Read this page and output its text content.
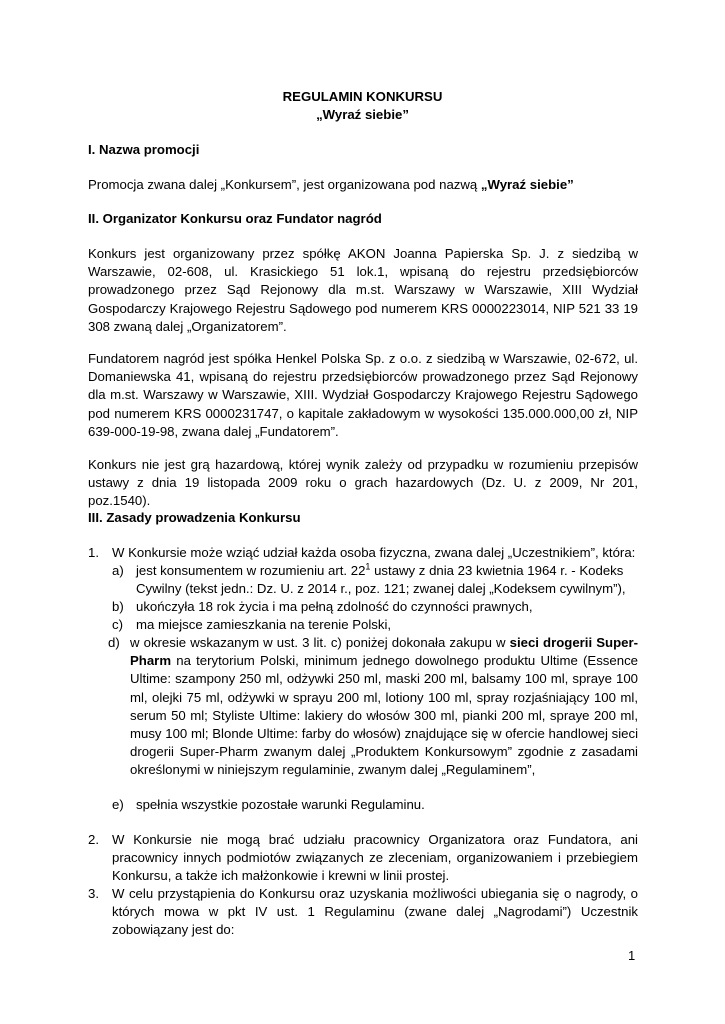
REGULAMIN KONKURSU
„Wyraź siebie”
I. Nazwa promocji
Promocja zwana dalej „Konkursem”, jest organizowana pod nazwą „Wyraź siebie”
II. Organizator Konkursu oraz Fundator nagród
Konkurs jest organizowany przez spółkę AKON Joanna Papierska Sp. J. z siedzibą w Warszawie, 02-608, ul. Krasickiego 51 lok.1, wpisaną do rejestru przedsiębiorców prowadzonego przez Sąd Rejonowy dla m.st. Warszawy w Warszawie, XIII Wydział Gospodarczy Krajowego Rejestru Sądowego pod numerem KRS 0000223014, NIP 521 33 19 308 zwaną dalej „Organizatorem”.
Fundatorem nagród jest spółka Henkel Polska Sp. z o.o. z siedzibą w Warszawie, 02-672, ul. Domaniewska 41, wpisaną do rejestru przedsiębiorców prowadzonego przez Sąd Rejonowy dla m.st. Warszawy w Warszawie, XIII. Wydział Gospodarczy Krajowego Rejestru Sądowego pod numerem KRS 0000231747, o kapitale zakładowym w wysokości 135.000.000,00 zł, NIP 639-000-19-98, zwana dalej „Fundatorem”.
Konkurs nie jest grą hazardową, której wynik zależy od przypadku w rozumieniu przepisów ustawy z dnia 19 listopada 2009 roku o grach hazardowych (Dz. U. z 2009, Nr 201, poz.1540).
III. Zasady prowadzenia Konkursu
1. W Konkursie może wziąć udział każda osoba fizyczna, zwana dalej „Uczestnikiem”, która:
a) jest konsumentem w rozumieniu art. $22^1$ ustawy z dnia 23 kwietnia 1964 r. - Kodeks Cywilny (tekst jedn.: Dz. U. z 2014 r., poz. 121; zwanej dalej „Kodeksem cywilnym”),
b) ukończyła 18 rok życia i ma pełną zdolność do czynności prawnych,
c) ma miejsce zamieszkania na terenie Polski,
d) w okresie wskazanym w ust. 3 lit. c) poniżej dokonała zakupu w sieci drogerii Super-Pharm na terytorium Polski, minimum jednego dowolnego produktu Ultime (Essence Ultime: szampony 250 ml, odżywki 250 ml, maski 200 ml, balsamy 100 ml, spraye 100 ml, olejki 75 ml, odżywki w sprayu 200 ml, lotiony 100 ml, spray rozjaśniający 100 ml, serum 50 ml; Styliste Ultime: lakiery do włosów 300 ml, pianki 200 ml, spraye 200 ml, musy 100 ml; Blonde Ultime: farby do włosów) znajdujące się w ofercie handlowej sieci drogerii Super-Pharm zwanym dalej „Produktem Konkursowym” zgodnie z zasadami określonymi w niniejszym regulaminie, zwanym dalej „Regulaminem”,
e) spełnia wszystkie pozostałe warunki Regulaminu.
2. W Konkursie nie mogą brać udziału pracownicy Organizatora oraz Fundatora, ani pracownicy innych podmiotów związanych ze zleceniam, organizowaniem i przebiegiem Konkursu, a także ich małżonkowie i krewni w linii prostej.
3. W celu przystąpienia do Konkursu oraz uzyskania możliwości ubiegania się o nagrody, o których mowa w pkt IV ust. 1 Regulaminu (zwane dalej „Nagrodami”) Uczestnik zobowiązany jest do:
1
